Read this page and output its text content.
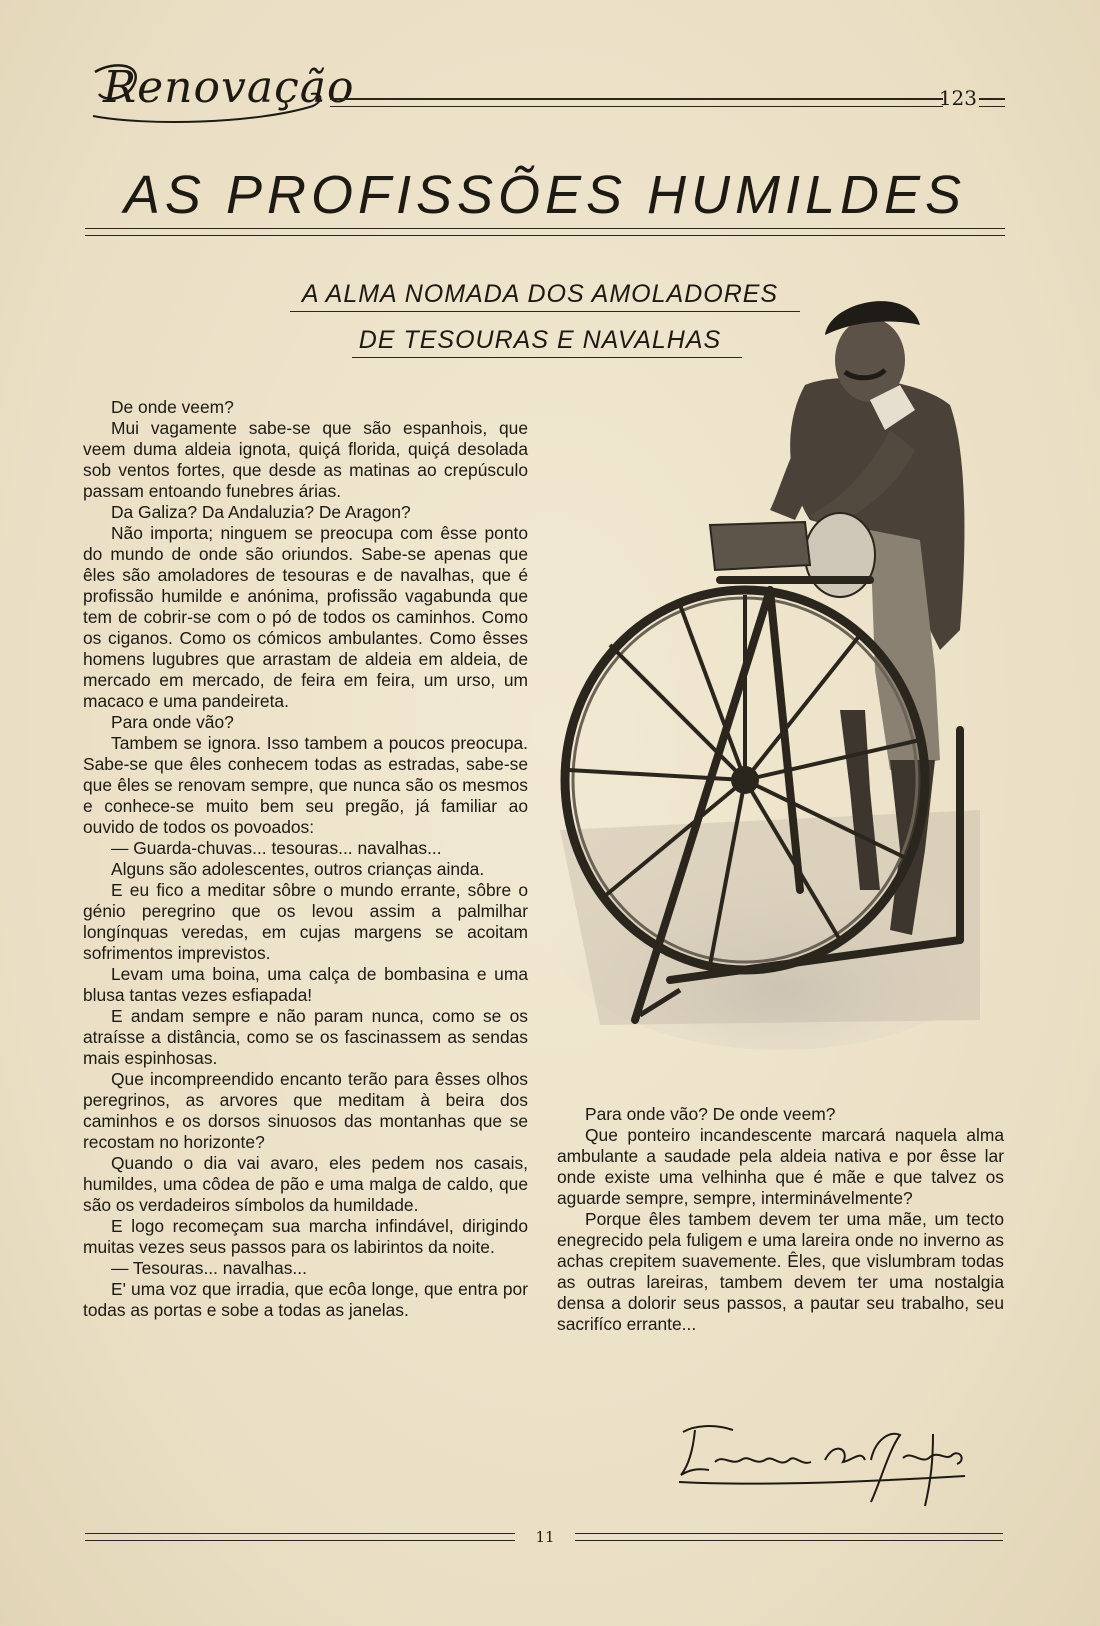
Renovação	123
AS PROFISSÕES HUMILDES
A ALMA NOMADA DOS AMOLADORES
DE TESOURAS E NAVALHAS

De onde veem?

Mui vagamente sabe-se que são espanhois, que veem duma aldeia ignota, quiçá florida, quiçá desolada sob ventos fortes, que desde as matinas ao crepúsculo passam entoando funebres árias.

Da Galiza? Da Andaluzia? De Aragon?

Não importa; ninguem se preocupa com êsse ponto do mundo de onde são oriundos. Sabe-se apenas que êles são amoladores de tesouras e de navalhas, que é profissão humilde e anónima, profissão vagabunda que tem de cobrir-se com o pó de todos os caminhos. Como os ciganos. Como os cómicos ambulantes. Como êsses homens lugubres que arrastam de aldeia em aldeia, de mercado em mercado, de feira em feira, um urso, um macaco e uma pandeireta.

Para onde vão?

Tambem se ignora. Isso tambem a poucos preocupa. Sabe-se que êles conhecem todas as estradas, sabe-se que êles se renovam sempre, que nunca são os mesmos e conhece-se muito bem seu pregão, já familiar ao ouvido de todos os povoados:

— Guarda-chuvas... tesouras... navalhas...

Alguns são adolescentes, outros crianças ainda.

E eu fico a meditar sôbre o mundo errante, sôbre o génio peregrino que os levou assim a palmilhar longínquas veredas, em cujas margens se acoitam sofrimentos imprevistos.

Levam uma boina, uma calça de bombasina e uma blusa tantas vezes esfiapada!

E andam sempre e não param nunca, como se os atraísse a distância, como se os fascinassem as sendas mais espinhosas.

Que incompreendido encanto terão para êsses olhos peregrinos, as arvores que meditam à beira dos caminhos e os dorsos sinuosos das montanhas que se recostam no horizonte?

Quando o dia vai avaro, eles pedem nos casais, humildes, uma côdea de pão e uma malga de caldo, que são os verdadeiros símbolos da humildade.

E logo recomeçam sua marcha infindável, dirigindo muitas vezes seus passos para os labirintos da noite.

— Tesouras... navalhas...

E' uma voz que irradia, que ecôa longe, que entra por todas as portas e sobe a todas as janelas.

Para onde vão? De onde veem?

Que ponteiro incandescente marcará naquela alma ambulante a saudade pela aldeia nativa e por êsse lar onde existe uma velhinha que é mãe e que talvez os aguarde sempre, sempre, interminávelmente?

Porque êles tambem devem ter uma mãe, um tecto enegrecido pela fuligem e uma lareira onde no inverno as achas crepitem suavemente. Êles, que vislumbram todas as outras lareiras, tambem devem ter uma nostalgia densa a dolorir seus passos, a pautar seu trabalho, seu sacrifíco errante...

11
